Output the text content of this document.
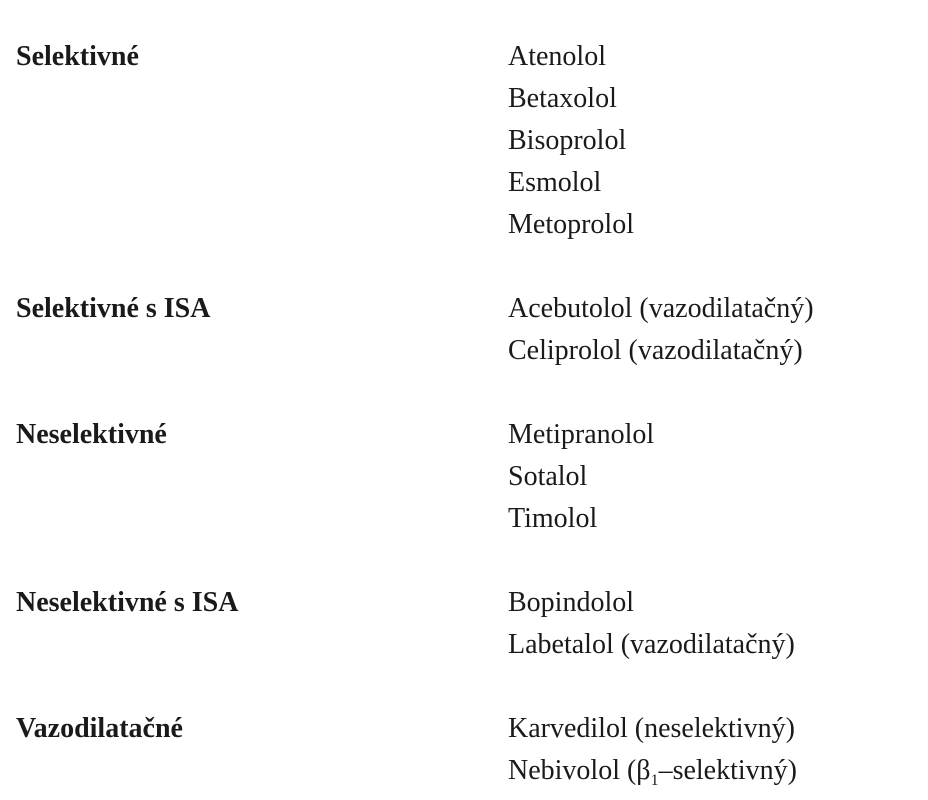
Selektivné	Atenolol
Betaxolol
Bisoprolol
Esmolol
Metoprolol
Selektivné s ISA	Acebutolol (vazodilatačný)
Celiprolol (vazodilatačný)
Neselektivné	Metipranolol
Sotalol
Timolol
Neselektivné s ISA	Bopindolol
Labetalol (vazodilatačný)
Vazodilatačné	Karvedilol (neselektivný)
Nebivolol $(\beta_1-selektivný)$
